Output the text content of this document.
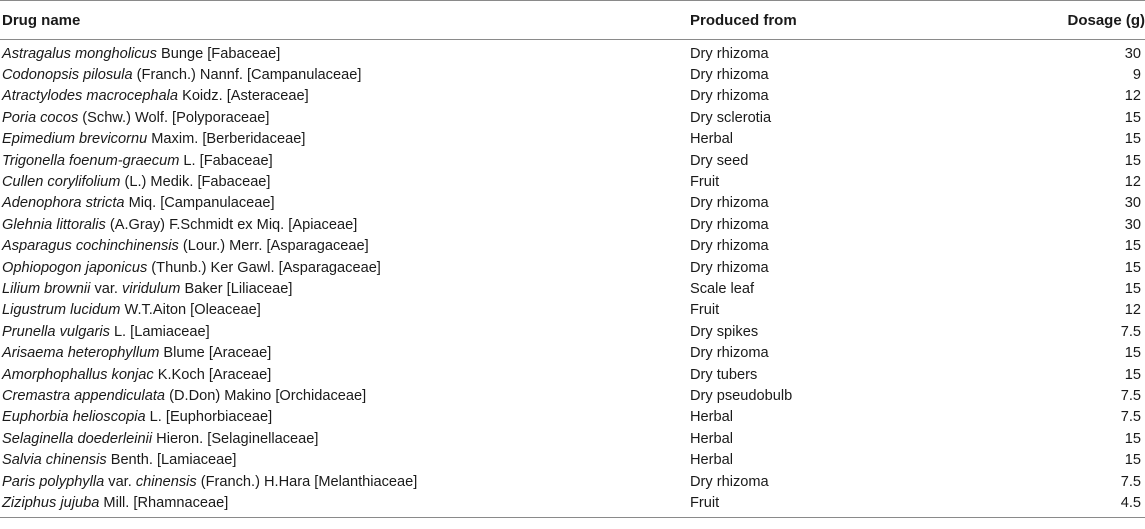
Drug name	Produced from	Dosage (g)
Astragalus mongholicus Bunge [Fabaceae]	Dry rhizoma	30
Codonopsis pilosula (Franch.) Nannf. [Campanulaceae]	Dry rhizoma	9
Atractylodes macrocephala Koidz. [Asteraceae]	Dry rhizoma	12
Poria cocos (Schw.) Wolf. [Polyporaceae]	Dry sclerotia	15
Epimedium brevicornu Maxim. [Berberidaceae]	Herbal	15
Trigonella foenum-graecum L. [Fabaceae]	Dry seed	15
Cullen corylifolium (L.) Medik. [Fabaceae]	Fruit	12
Adenophora stricta Miq. [Campanulaceae]	Dry rhizoma	30
Glehnia littoralis (A.Gray) F.Schmidt ex Miq. [Apiaceae]	Dry rhizoma	30
Asparagus cochinchinensis (Lour.) Merr. [Asparagaceae]	Dry rhizoma	15
Ophiopogon japonicus (Thunb.) Ker Gawl. [Asparagaceae]	Dry rhizoma	15
Lilium brownii var. viridulum Baker [Liliaceae]	Scale leaf	15
Ligustrum lucidum W.T.Aiton [Oleaceae]	Fruit	12
Prunella vulgaris L. [Lamiaceae]	Dry spikes	7.5
Arisaema heterophyllum Blume [Araceae]	Dry rhizoma	15
Amorphophallus konjac K.Koch [Araceae]	Dry tubers	15
Cremastra appendiculata (D.Don) Makino [Orchidaceae]	Dry pseudobulb	7.5
Euphorbia helioscopia L. [Euphorbiaceae]	Herbal	7.5
Selaginella doederleinii Hieron. [Selaginellaceae]	Herbal	15
Salvia chinensis Benth. [Lamiaceae]	Herbal	15
Paris polyphylla var. chinensis (Franch.) H.Hara [Melanthiaceae]	Dry rhizoma	7.5
Ziziphus jujuba Mill. [Rhamnaceae]	Fruit	4.5
